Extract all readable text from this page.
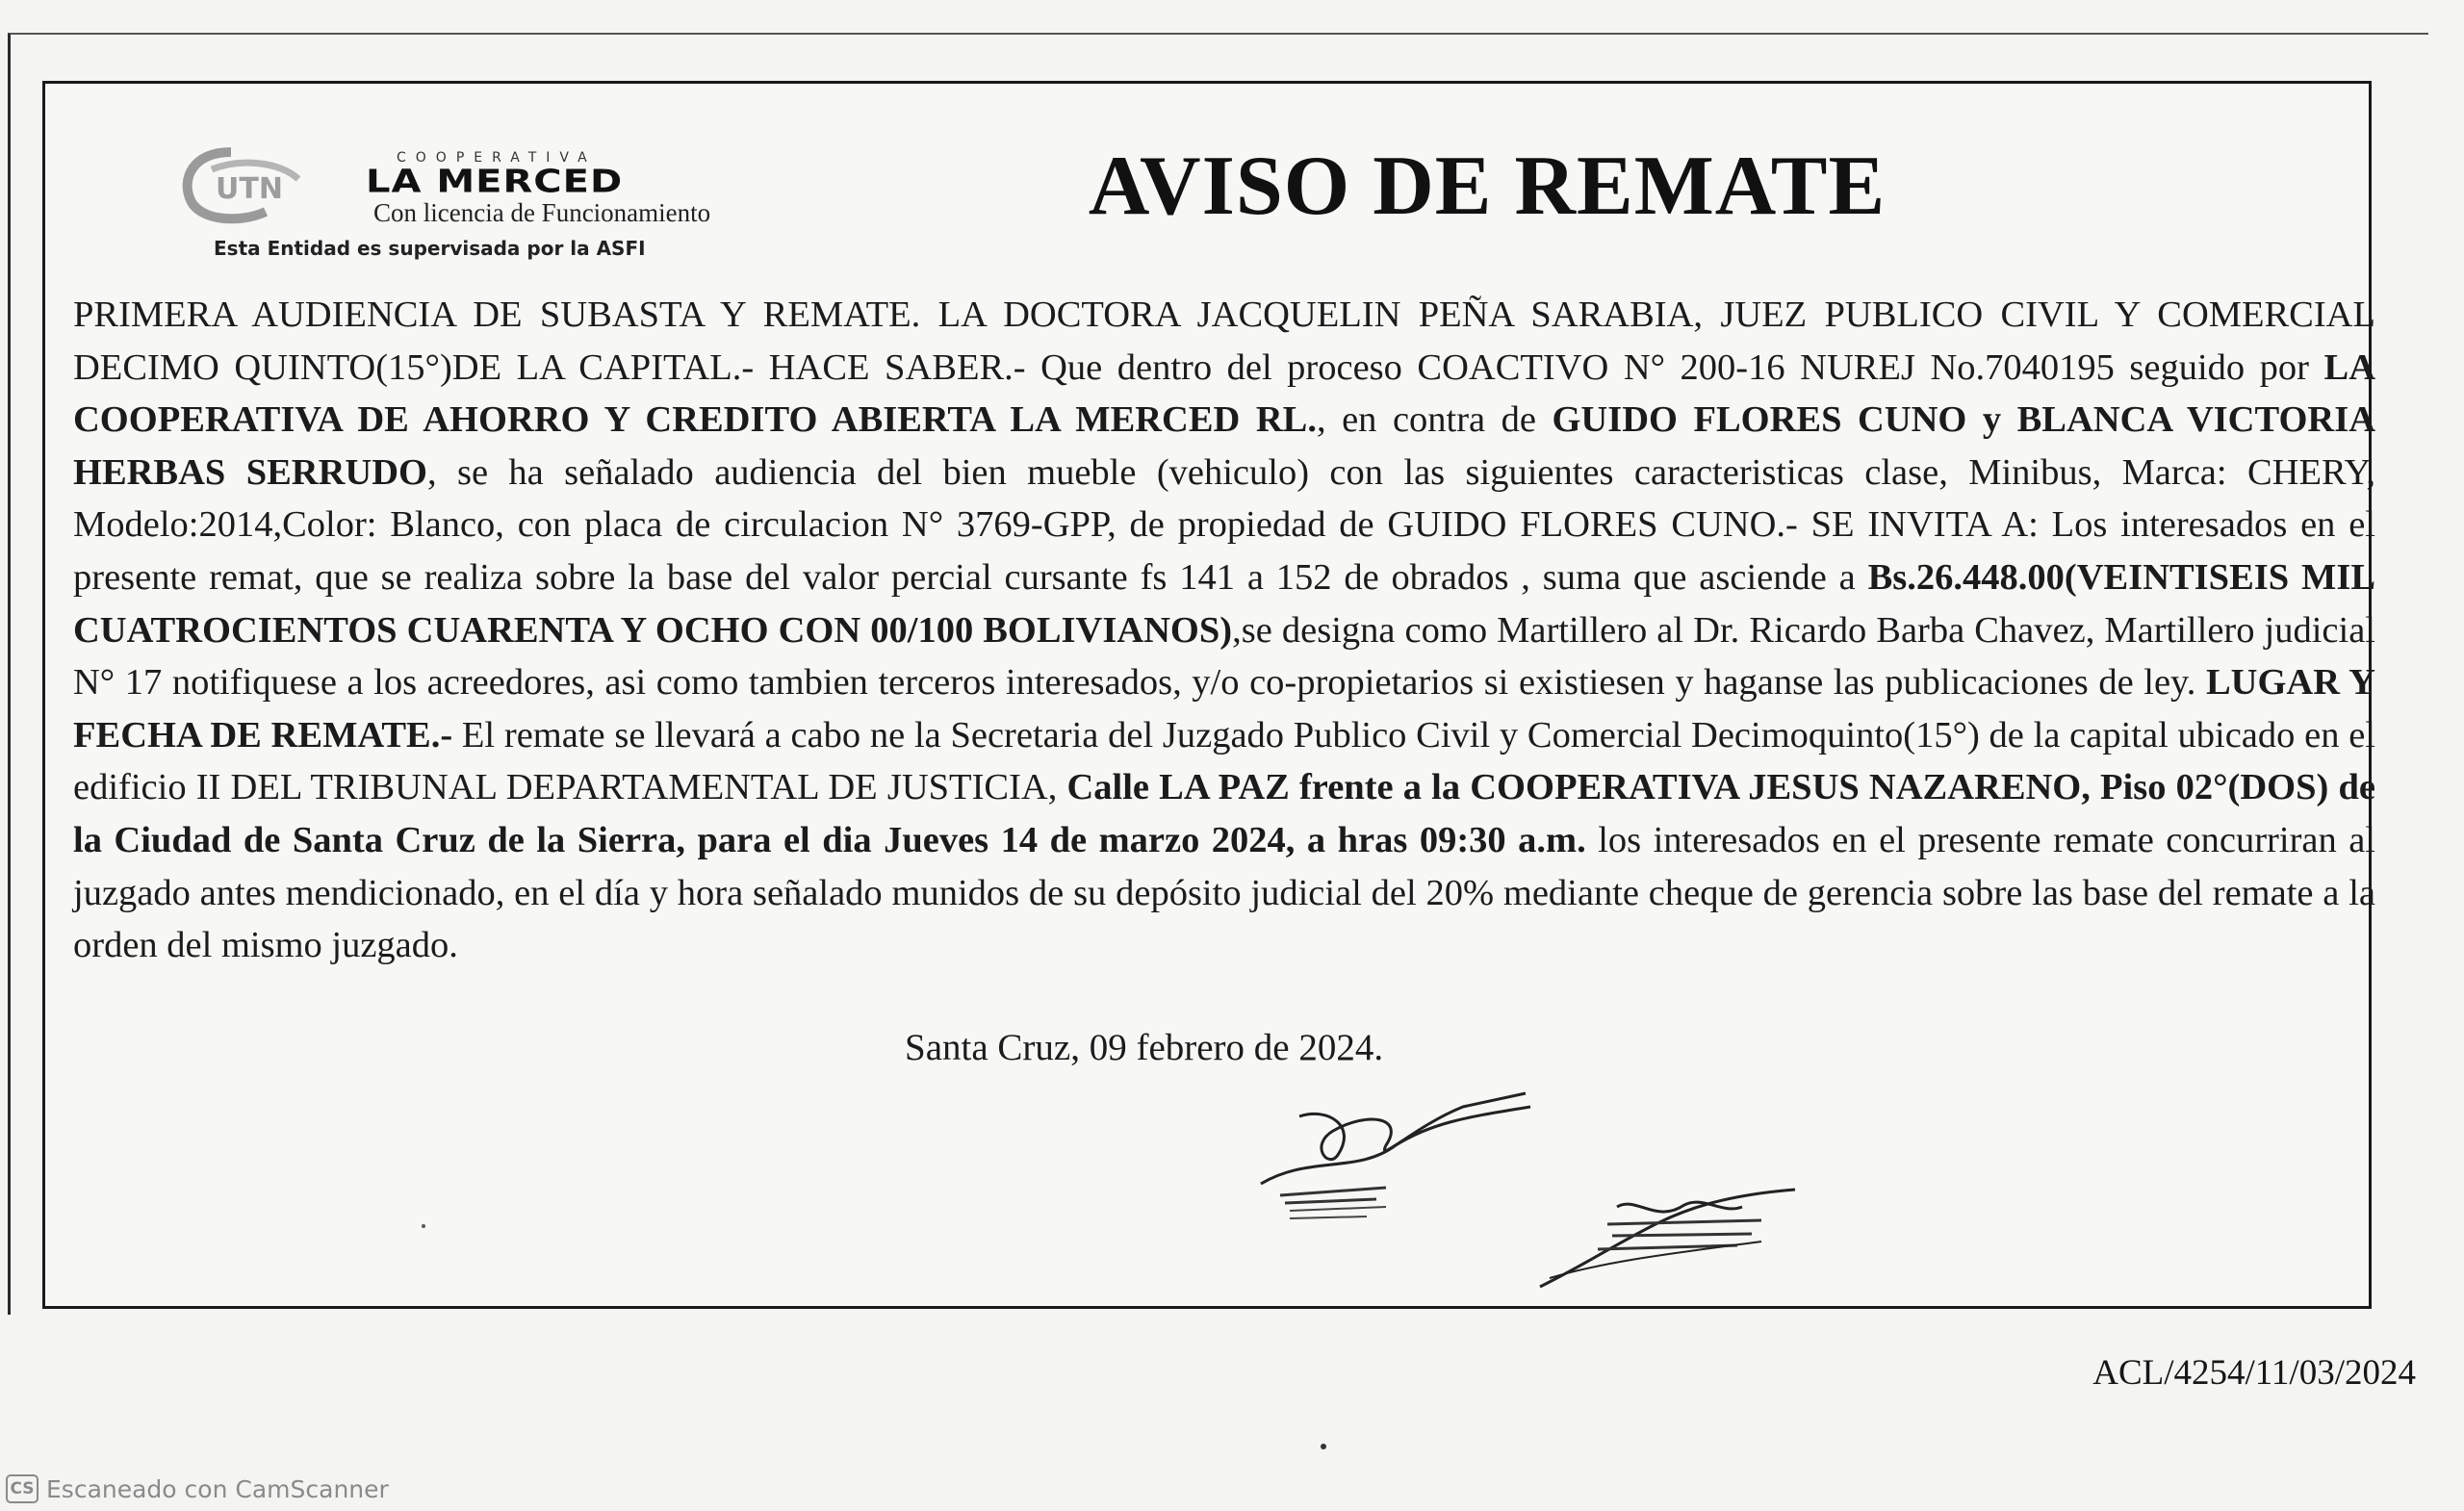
UTN
COOPERATIVA
LA MERCED
Con licencia de Funcionamiento
Esta Entidad es supervisada por la ASFI
AVISO DE REMATE
PRIMERA AUDIENCIA DE SUBASTA Y REMATE. LA DOCTORA JACQUELIN PEÑA SARABIA, JUEZ PUBLICO CIVIL Y COMERCIAL DECIMO QUINTO(15°)DE LA CAPITAL.- HACE SABER.- Que dentro del proceso COACTIVO N° 200-16 NUREJ No.7040195 seguido por LA COOPERATIVA DE AHORRO Y CREDITO ABIERTA LA MERCED RL., en contra de GUIDO FLORES CUNO y BLANCA VICTORIA HERBAS SERRUDO, se ha señalado audiencia del bien mueble (vehiculo) con las siguientes caracteristicas clase, Minibus, Marca: CHERY, Modelo:2014,Color: Blanco, con placa de circulacion N° 3769-GPP, de propiedad de GUIDO FLORES CUNO.- SE INVITA A: Los interesados en el presente remat, que se realiza sobre la base del valor percial cursante fs 141 a 152 de obrados , suma que asciende a Bs.26.448.00(VEINTISEIS MIL CUATROCIENTOS CUARENTA Y OCHO CON 00/100 BOLIVIANOS),se designa como Martillero al Dr. Ricardo Barba Chavez, Martillero judicial N° 17 notifiquese a los acreedores, asi como tambien terceros interesados, y/o co-propietarios si existiesen y haganse las publicaciones de ley. LUGAR Y FECHA DE REMATE.- El remate se llevará a cabo ne la Secretaria del Juzgado Publico Civil y Comercial Decimoquinto(15°) de la capital ubicado en el edificio II DEL TRIBUNAL DEPARTAMENTAL DE JUSTICIA, Calle LA PAZ frente a la COOPERATIVA JESUS NAZARENO, Piso 02°(DOS) de la Ciudad de Santa Cruz de la Sierra, para el dia Jueves 14 de marzo 2024, a hras 09:30 a.m. los interesados en el presente remate concurriran al juzgado antes mendicionado, en el día y hora señalado munidos de su depósito judicial del 20% mediante cheque de gerencia sobre las base del remate a la orden del mismo juzgado.
Santa Cruz, 09 febrero de 2024.
ACL/4254/11/03/2024
CS Escaneado con CamScanner
